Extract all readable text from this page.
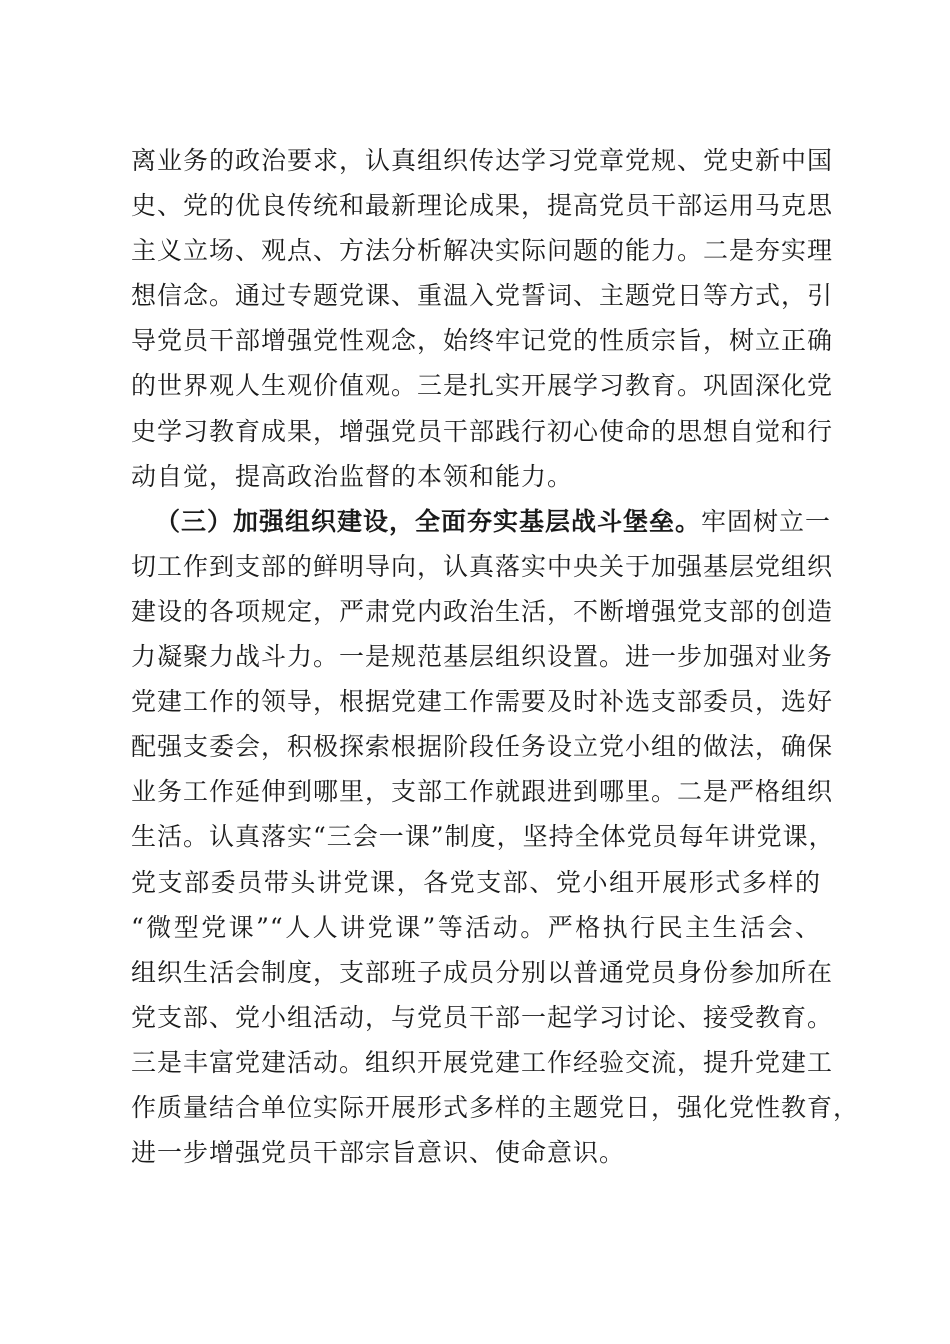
离业务的政治要求，认真组织传达学习党章党规、党史新中国
史、党的优良传统和最新理论成果，提高党员干部运用马克思
主义立场、观点、方法分析解决实际问题的能力。二是夯实理
想信念。通过专题党课、重温入党誓词、主题党日等方式，引
导党员干部增强党性观念，始终牢记党的性质宗旨，树立正确
的世界观人生观价值观。三是扎实开展学习教育。巩固深化党
史学习教育成果，增强党员干部践行初心使命的思想自觉和行
动自觉，提高政治监督的本领和能力。
（三）加强组织建设，全面夯实基层战斗堡垒。牢固树立一
切工作到支部的鲜明导向，认真落实中央关于加强基层党组织
建设的各项规定，严肃党内政治生活，不断增强党支部的创造
力凝聚力战斗力。一是规范基层组织设置。进一步加强对业务
党建工作的领导，根据党建工作需要及时补选支部委员，选好
配强支委会，积极探索根据阶段任务设立党小组的做法，确保
业务工作延伸到哪里，支部工作就跟进到哪里。二是严格组织
生活。认真落实“三会一课”制度，坚持全体党员每年讲党课，
党支部委员带头讲党课，各党支部、党小组开展形式多样的
“微型党课”“人人讲党课”等活动。严格执行民主生活会、
组织生活会制度，支部班子成员分别以普通党员身份参加所在
党支部、党小组活动，与党员干部一起学习讨论、接受教育。
三是丰富党建活动。组织开展党建工作经验交流，提升党建工
作质量结合单位实际开展形式多样的主题党日，强化党性教育，
进一步增强党员干部宗旨意识、使命意识。
